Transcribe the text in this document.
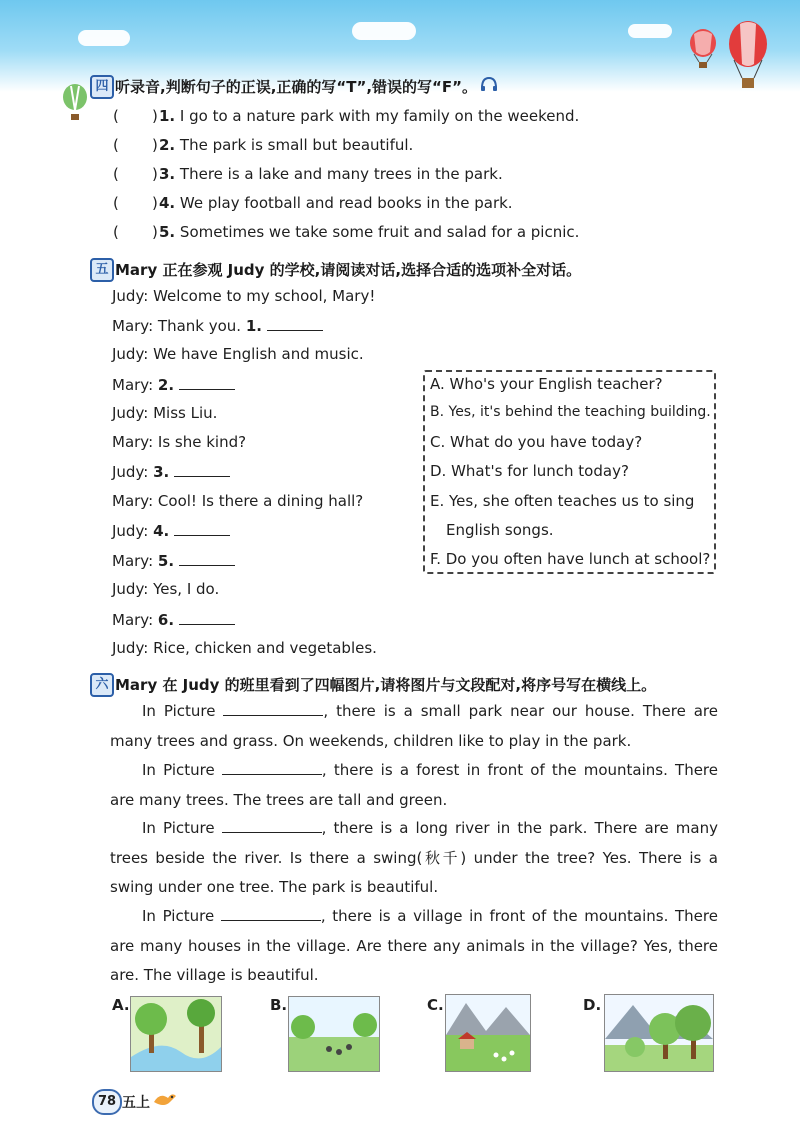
四 听录音,判断句子的正误,正确的写“T”,错误的写“F”。
( ) 1. I go to a nature park with my family on the weekend.
( ) 2. The park is small but beautiful.
( ) 3. There is a lake and many trees in the park.
( ) 4. We play football and read books in the park.
( ) 5. Sometimes we take some fruit and salad for a picnic.
五 Mary 正在参观 Judy 的学校,请阅读对话,选择合适的选项补全对话。
Judy: Welcome to my school, Mary!
Mary: Thank you. 1.
Judy: We have English and music.
Mary: 2.
Judy: Miss Liu.
Mary: Is she kind?
Judy: 3.
Mary: Cool! Is there a dining hall?
Judy: 4.
Mary: 5.
Judy: Yes, I do.
Mary: 6.
Judy: Rice, chicken and vegetables.
A. Who's your English teacher?
B. Yes, it's behind the teaching building.
C. What do you have today?
D. What's for lunch today?
E. Yes, she often teaches us to sing
English songs.
F. Do you often have lunch at school?
六 Mary 在 Judy 的班里看到了四幅图片,请将图片与文段配对,将序号写在横线上。
In Picture	, there is a small park near our house. There are many trees and grass. On weekends, children like to play in the park.
In Picture	, there is a forest in front of the mountains. There are many trees. The trees are tall and green.
In Picture	, there is a long river in the park. There are many trees beside the river. Is there a swing(秋千) under the tree? Yes. There is a swing under one tree. The park is beautiful.
In Picture	, there is a village in front of the mountains. There are many houses in the village. Are there any animals in the village? Yes, there are. The village is beautiful.
A.	B.	C.	D.
78 五上
